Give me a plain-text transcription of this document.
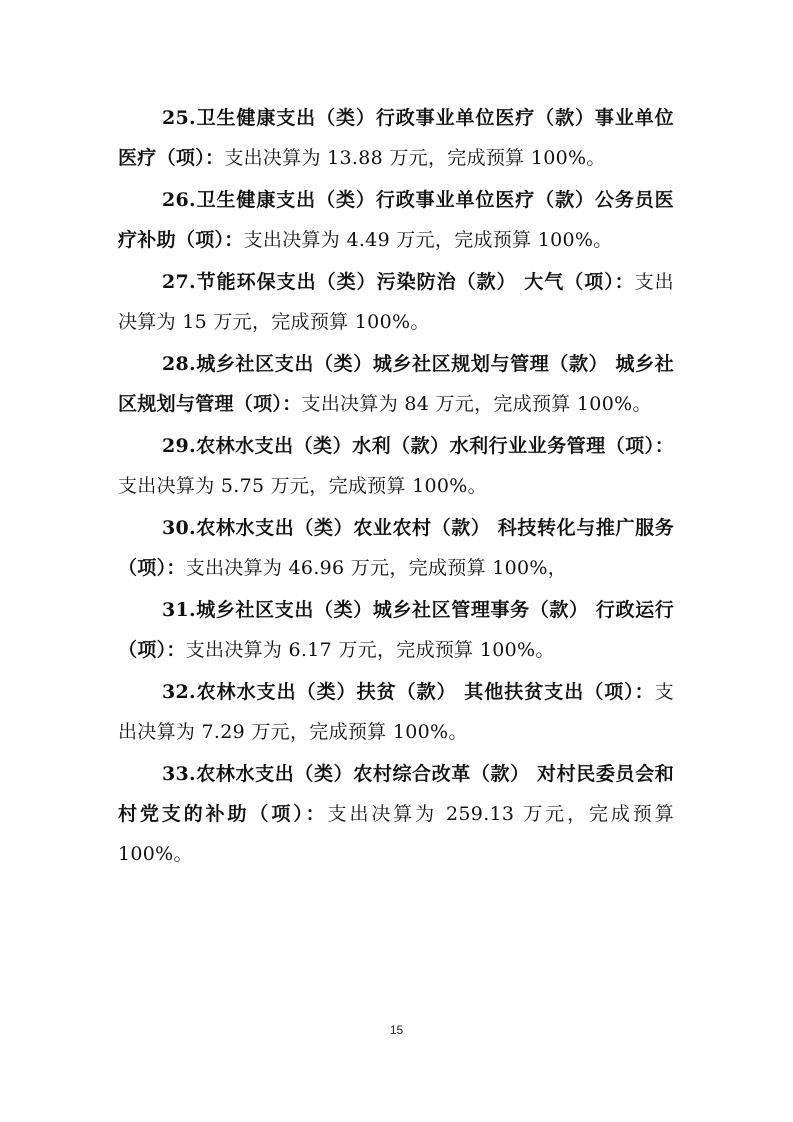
25.卫生健康支出（类）行政事业单位医疗（款）事业单位医疗（项）：支出决算为 13.88 万元，完成预算 100%。

26.卫生健康支出（类）行政事业单位医疗（款）公务员医疗补助（项）：支出决算为 4.49 万元，完成预算 100%。

27.节能环保支出（类）污染防治（款） 大气（项）：支出决算为 15 万元，完成预算 100%。

28.城乡社区支出（类）城乡社区规划与管理（款） 城乡社区规划与管理（项）：支出决算为 84 万元，完成预算 100%。

29.农林水支出（类）水利（款）水利行业业务管理（项）：支出决算为 5.75 万元，完成预算 100%。

30.农林水支出（类）农业农村（款） 科技转化与推广服务（项）：支出决算为 46.96 万元，完成预算 100%，

31.城乡社区支出（类）城乡社区管理事务（款） 行政运行（项）：支出决算为 6.17 万元，完成预算 100%。

32.农林水支出（类）扶贫（款） 其他扶贫支出（项）：支出决算为 7.29 万元，完成预算 100%。

33.农林水支出（类）农村综合改革（款） 对村民委员会和村党支的补助（项）：支出决算为 259.13 万元，完成预算 100%。

15
